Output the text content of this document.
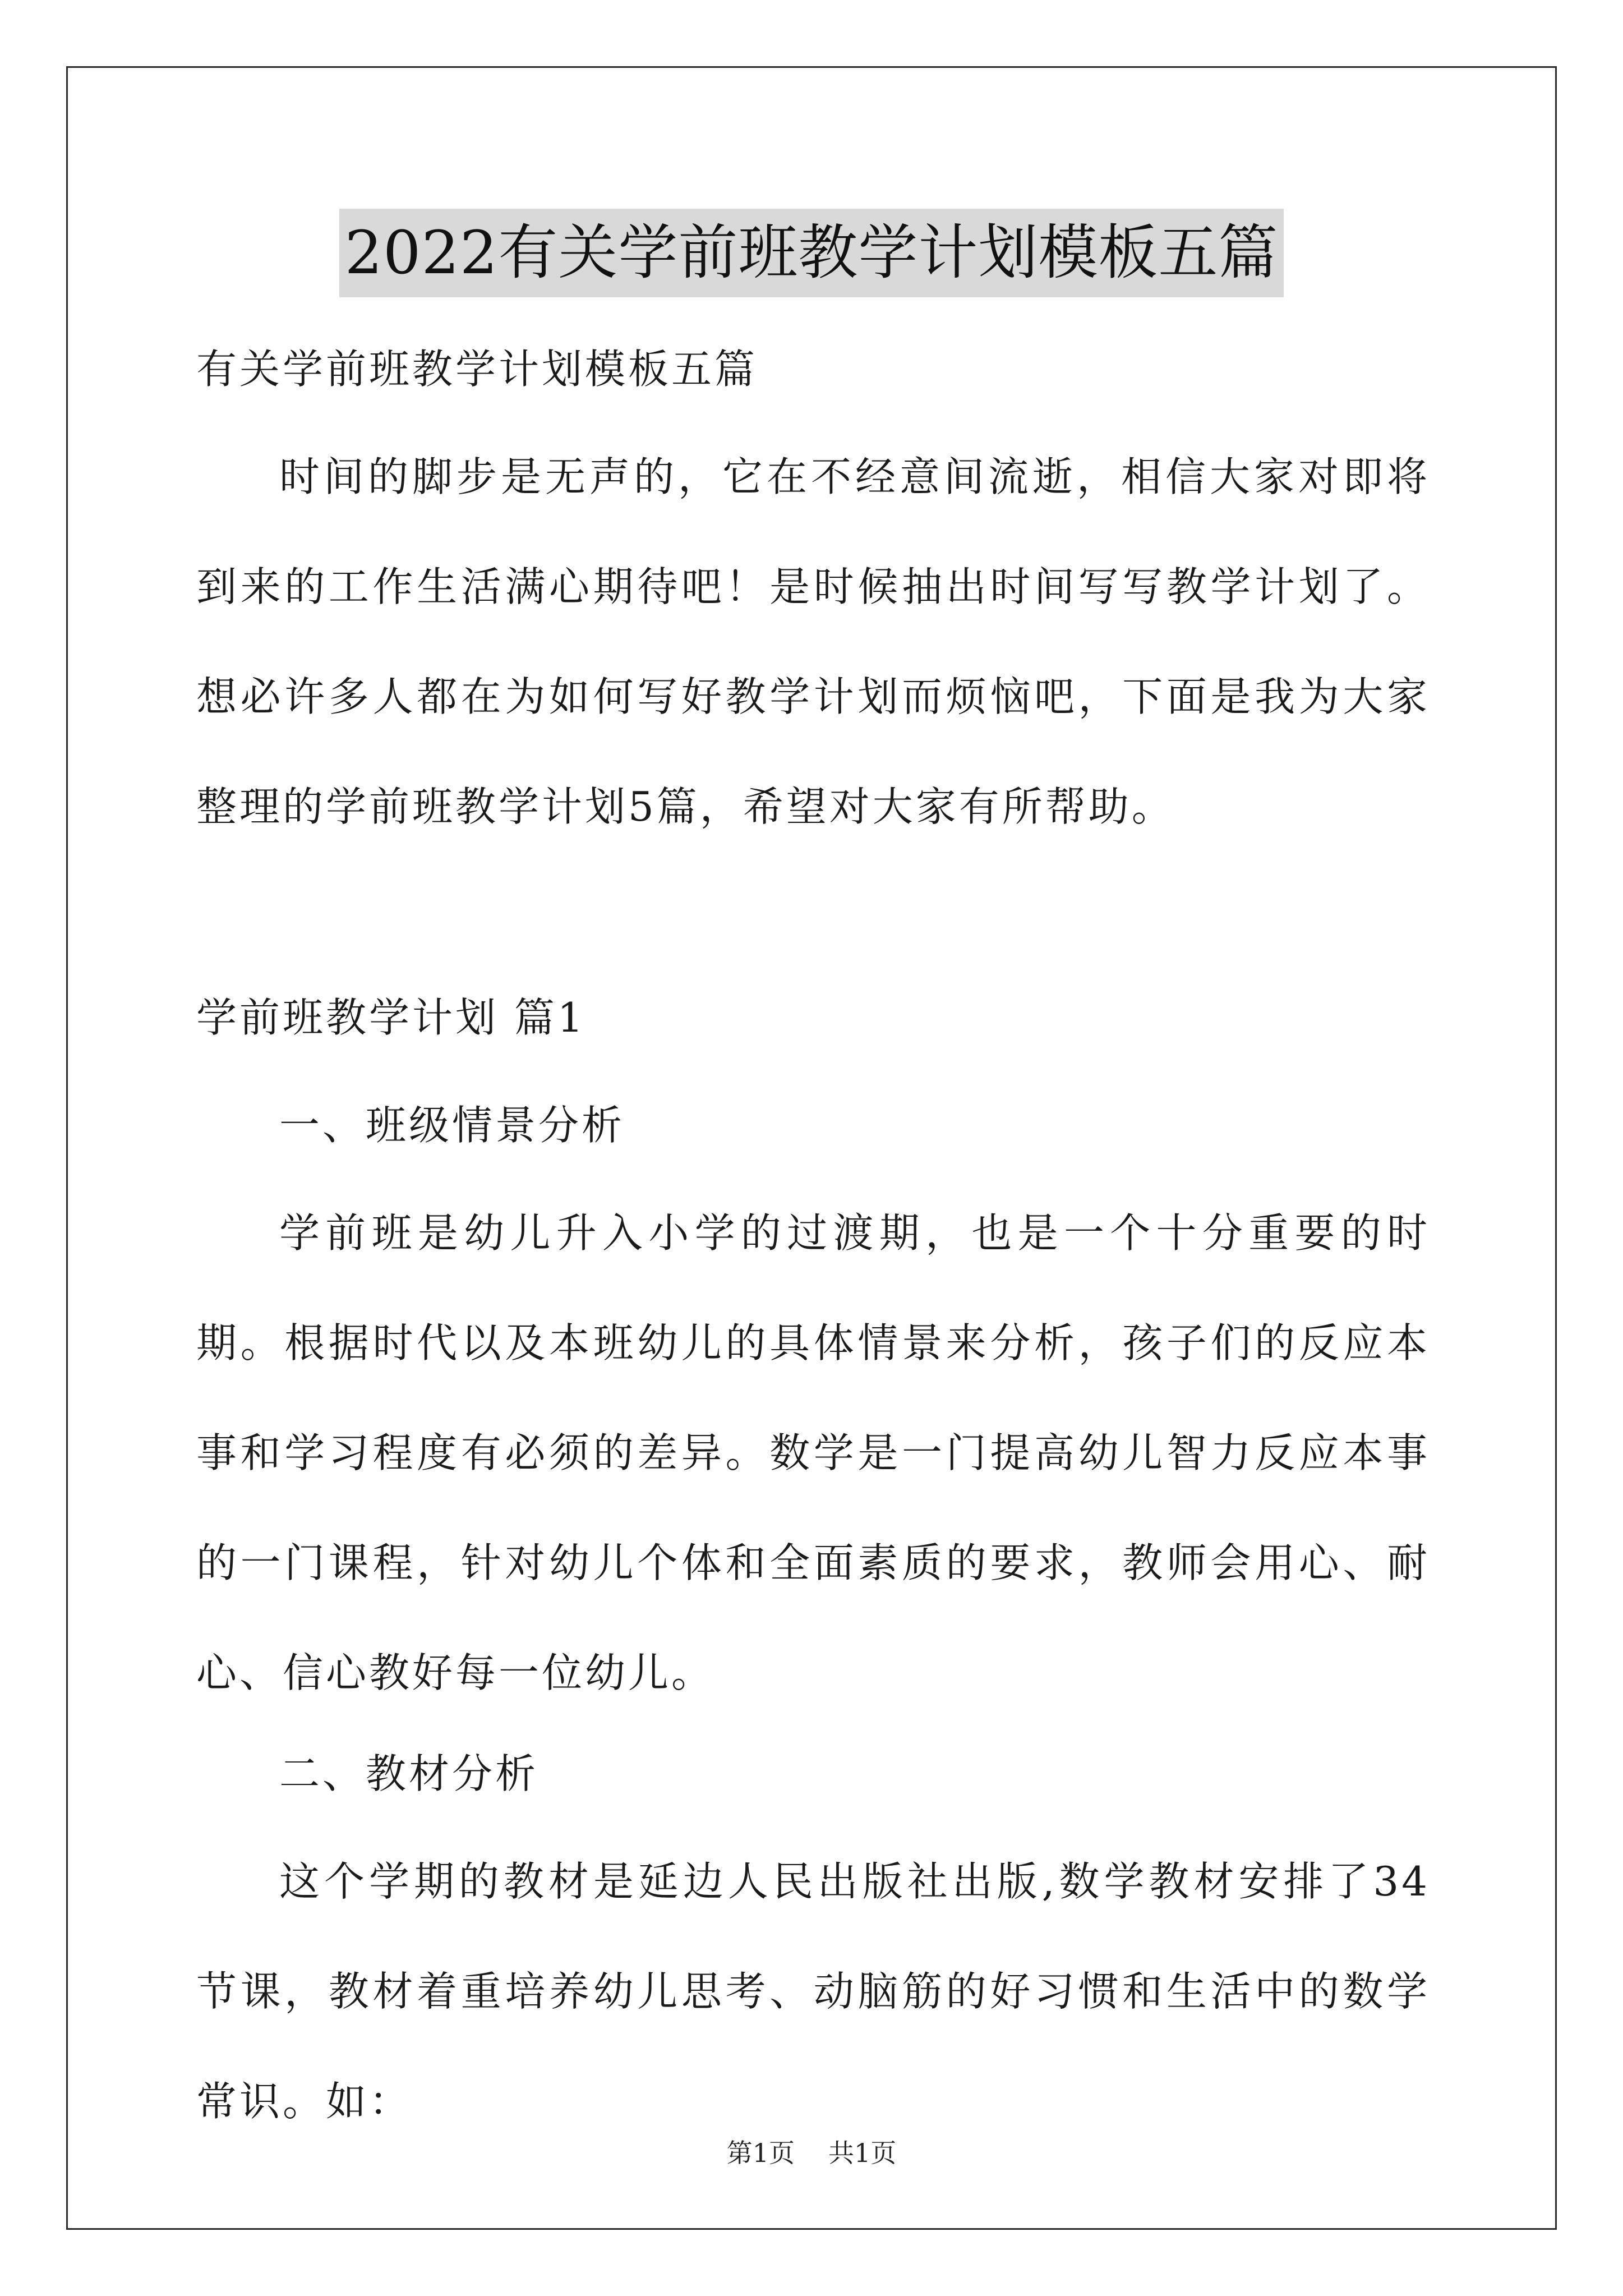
2022有关学前班教学计划模板五篇

有关学前班教学计划模板五篇

时间的脚步是无声的，它在不经意间流逝，相信大家对即将到来的工作生活满心期待吧！是时候抽出时间写写教学计划了。想必许多人都在为如何写好教学计划而烦恼吧，下面是我为大家整理的学前班教学计划5篇，希望对大家有所帮助。

学前班教学计划 篇1

一、班级情景分析

学前班是幼儿升入小学的过渡期，也是一个十分重要的时期。根据时代以及本班幼儿的具体情景来分析，孩子们的反应本事和学习程度有必须的差异。数学是一门提高幼儿智力反应本事的一门课程，针对幼儿个体和全面素质的要求，教师会用心、耐心、信心教好每一位幼儿。

二、教材分析

这个学期的教材是延边人民出版社出版,数学教材安排了34节课，教材着重培养幼儿思考、动脑筋的好习惯和生活中的数学常识。如：

第1页 共1页
